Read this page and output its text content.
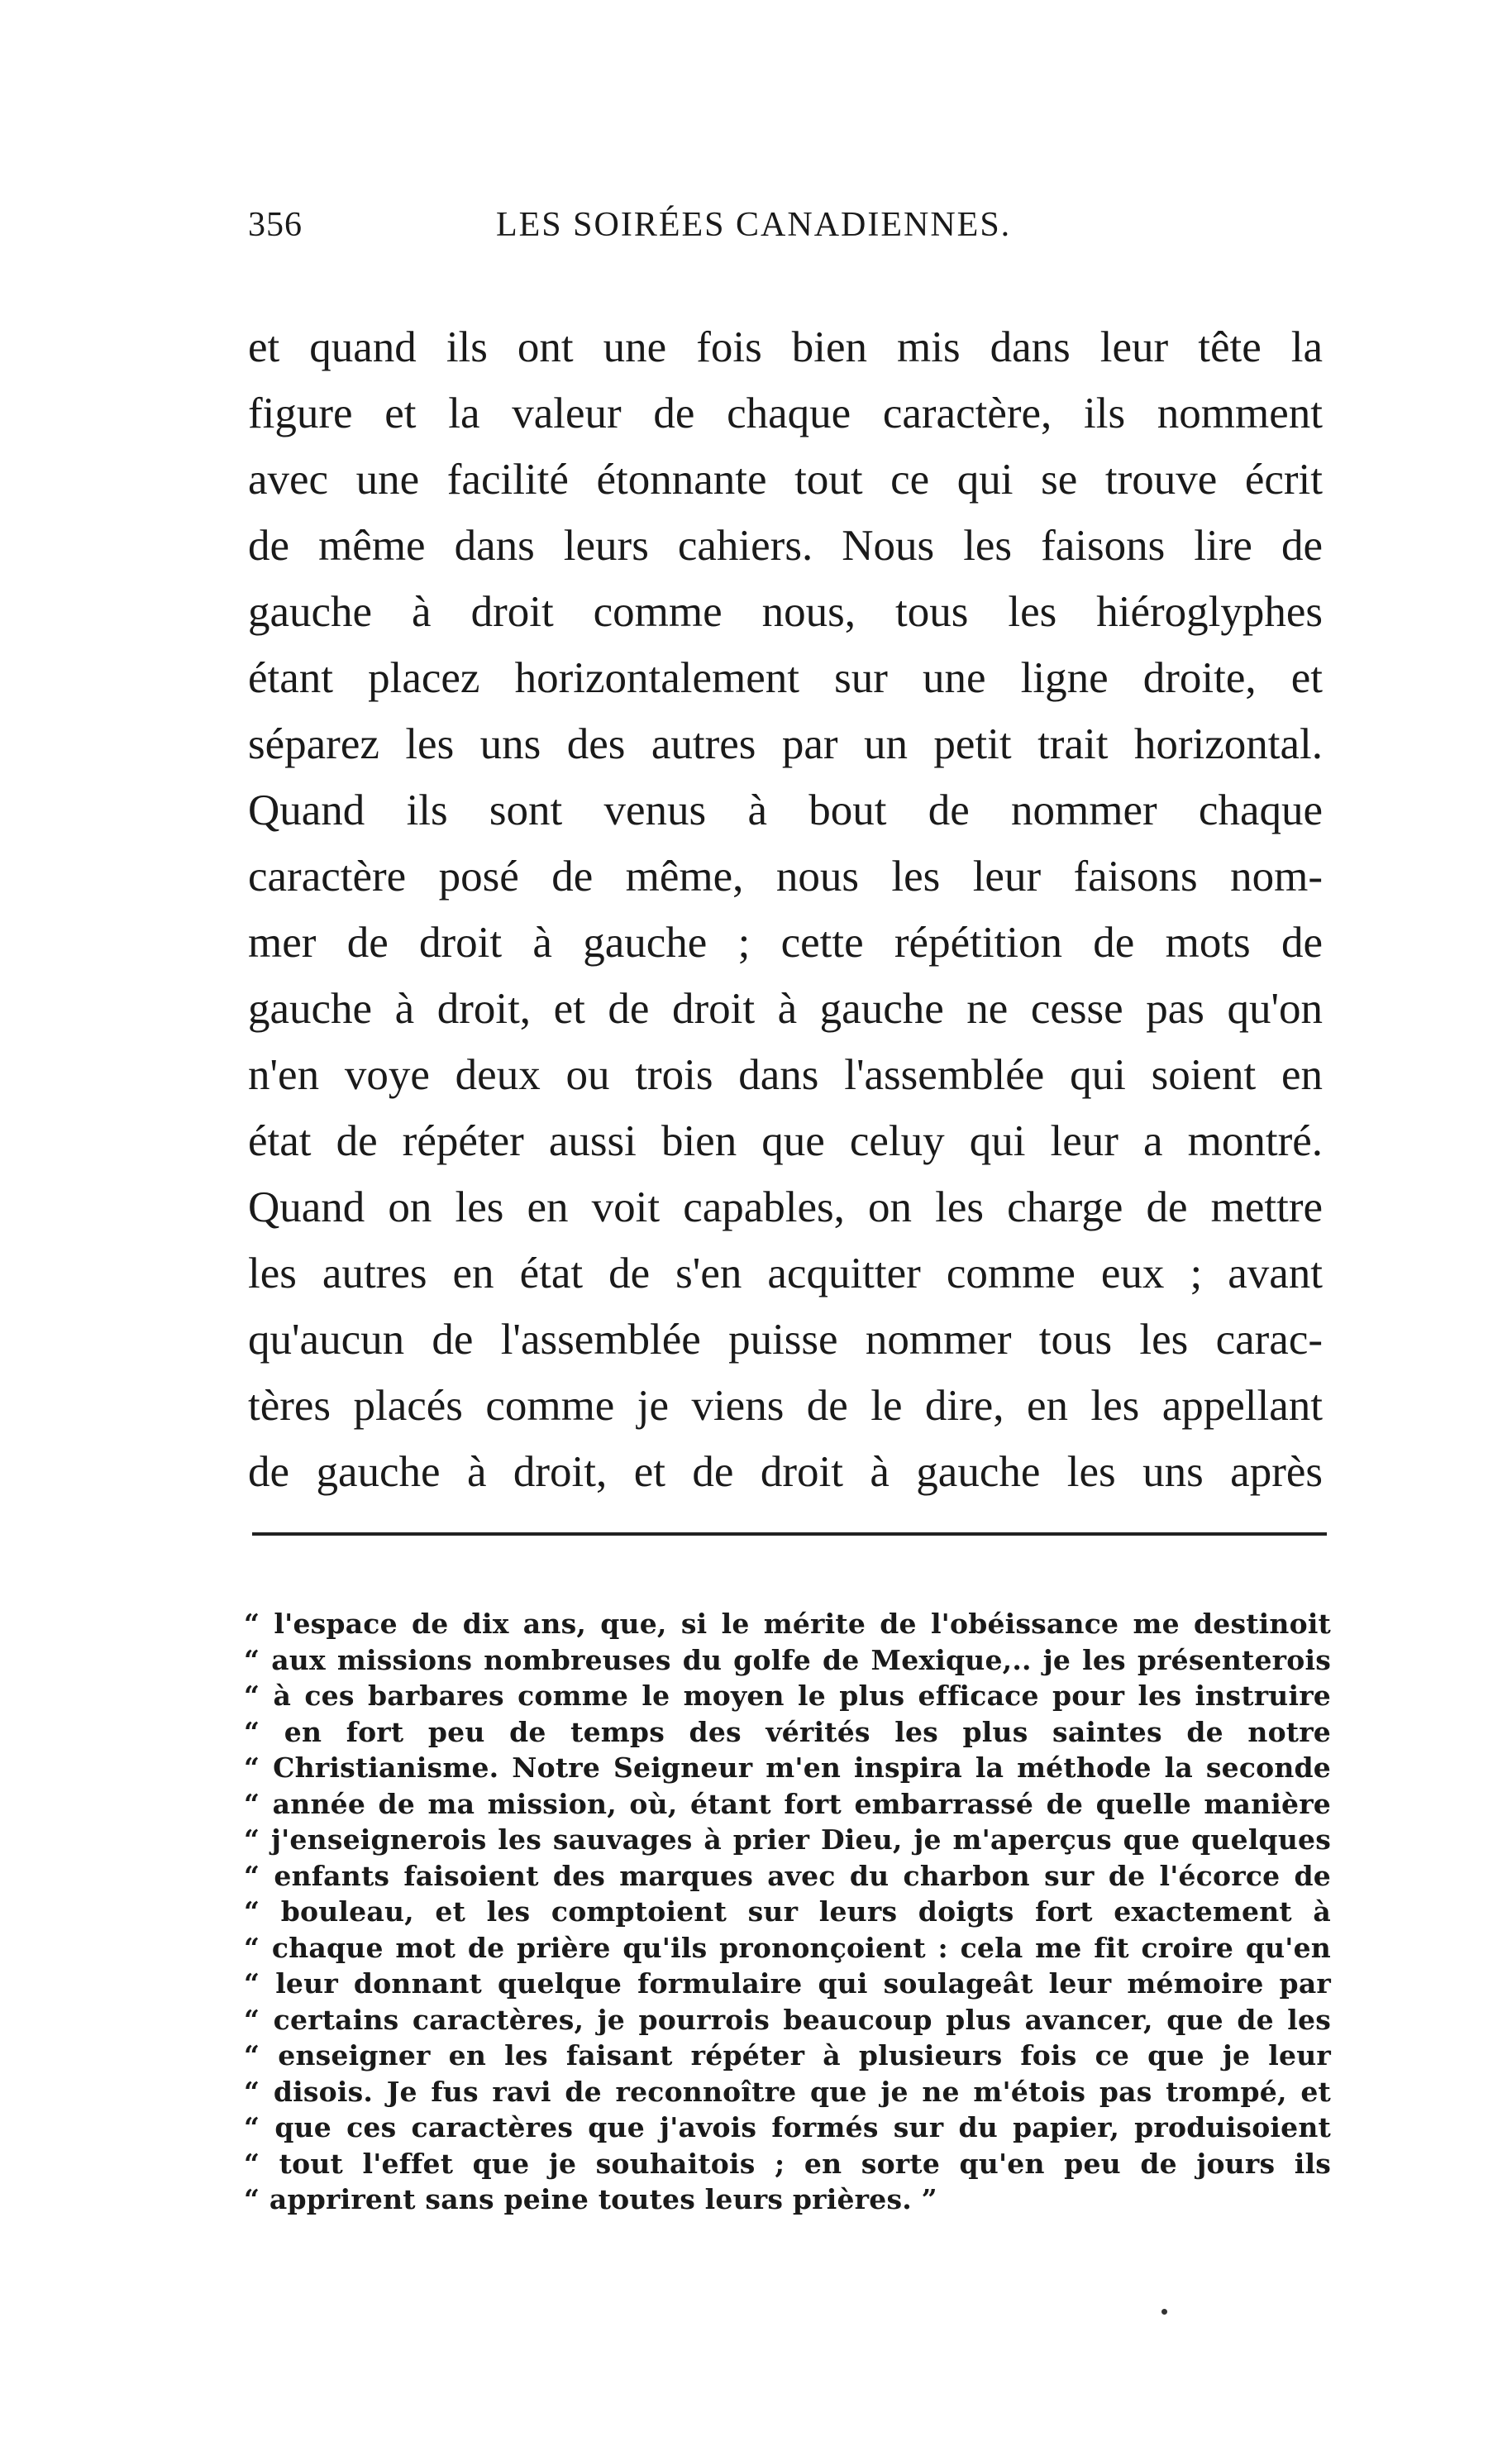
356	LES SOIRÉES CANADIENNES.
et quand ils ont une fois bien mis dans leur tête la
figure et la valeur de chaque caractère, ils nomment
avec une facilité étonnante tout ce qui se trouve écrit
de même dans leurs cahiers. Nous les faisons lire de
gauche à droit comme nous, tous les hiéroglyphes
étant placez horizontalement sur une ligne droite, et
séparez les uns des autres par un petit trait horizontal.
Quand ils sont venus à bout de nommer chaque
caractère posé de même, nous les leur faisons nom-
mer de droit à gauche ; cette répétition de mots de
gauche à droit, et de droit à gauche ne cesse pas qu'on
n'en voye deux ou trois dans l'assemblée qui soient en
état de répéter aussi bien que celuy qui leur a montré.
Quand on les en voit capables, on les charge de mettre
les autres en état de s'en acquitter comme eux ; avant
qu'aucun de l'assemblée puisse nommer tous les carac-
tères placés comme je viens de le dire, en les appellant
de gauche à droit, et de droit à gauche les uns après
“ l'espace de dix ans, que, si le mérite de l'obéissance me destinoit
“ aux missions nombreuses du golfe de Mexique,.. je les présenterois
“ à ces barbares comme le moyen le plus efficace pour les instruire
“ en fort peu de temps des vérités les plus saintes de notre
“ Christianisme. Notre Seigneur m'en inspira la méthode la seconde
“ année de ma mission, où, étant fort embarrassé de quelle manière
“ j'enseignerois les sauvages à prier Dieu, je m'aperçus que quelques
“ enfants faisoient des marques avec du charbon sur de l'écorce de
“ bouleau, et les comptoient sur leurs doigts fort exactement à
“ chaque mot de prière qu'ils prononçoient : cela me fit croire qu'en
“ leur donnant quelque formulaire qui soulageât leur mémoire par
“ certains caractères, je pourrois beaucoup plus avancer, que de les
“ enseigner en les faisant répéter à plusieurs fois ce que je leur
“ disois. Je fus ravi de reconnoître que je ne m'étois pas trompé, et
“ que ces caractères que j'avois formés sur du papier, produisoient
“ tout l'effet que je souhaitois ; en sorte qu'en peu de jours ils
“ apprirent sans peine toutes leurs prières. ”
